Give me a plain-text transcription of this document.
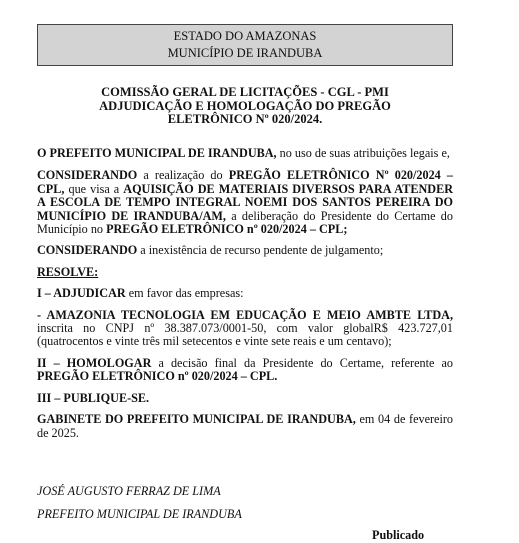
ESTADO DO AMAZONAS
MUNICÍPIO DE IRANDUBA
COMISSÃO GERAL DE LICITAÇÕES - CGL - PMI
ADJUDICAÇÃO E HOMOLOGAÇÃO DO PREGÃO
ELETRÔNICO Nº 020/2024.

O PREFEITO MUNICIPAL DE IRANDUBA, no uso de suas atribuições legais e,

CONSIDERANDO a realização do PREGÃO ELETRÔNICO Nº 020/2024 – CPL, que visa a AQUISIÇÃO DE MATERIAIS DIVERSOS PARA ATENDER A ESCOLA DE TEMPO INTEGRAL NOEMI DOS SANTOS PEREIRA DO MUNICÍPIO DE IRANDUBA/AM, a deliberação do Presidente do Certame do Município no PREGÃO ELETRÔNICO nº 020/2024 – CPL;

CONSIDERANDO a inexistência de recurso pendente de julgamento;

RESOLVE:

I – ADJUDICAR em favor das empresas:

- AMAZONIA TECNOLOGIA EM EDUCAÇÃO E MEIO AMBTE LTDA, inscrita no CNPJ nº 38.387.073/0001-50, com valor globalR$ 423.727,01 (quatrocentos e vinte três mil setecentos e vinte sete reais e um centavo);

II – HOMOLOGAR a decisão final da Presidente do Certame, referente ao PREGÃO ELETRÔNICO nº 020/2024 – CPL.

III – PUBLIQUE-SE.

GABINETE DO PREFEITO MUNICIPAL DE IRANDUBA, em 04 de fevereiro de 2025.

JOSÉ AUGUSTO FERRAZ DE LIMA

PREFEITO MUNICIPAL DE IRANDUBA

Publicado
